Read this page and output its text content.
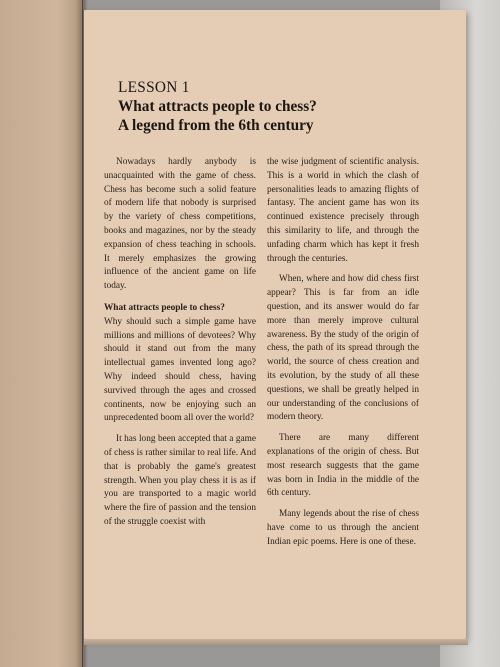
LESSON 1
What attracts people to chess?
A legend from the 6th century

Nowadays hardly anybody is unacquainted with the game of chess. Chess has become such a solid feature of modern life that nobody is surprised by the variety of chess competitions, books and magazines, nor by the steady expansion of chess teaching in schools. It merely emphasizes the growing influence of the ancient game on life today.

What attracts people to chess?

Why should such a simple game have millions and millions of devotees? Why should it stand out from the many intellectual games invented long ago? Why indeed should chess, having survived through the ages and crossed continents, now be enjoying such an unprecedented boom all over the world?

It has long been accepted that a game of chess is rather similar to real life. And that is probably the game's greatest strength. When you play chess it is as if you are transported to a magic world where the fire of passion and the tension of the struggle coexist with

the wise judgment of scientific analysis. This is a world in which the clash of personalities leads to amazing flights of fantasy. The ancient game has won its continued existence precisely through this similarity to life, and through the unfading charm which has kept it fresh through the centuries.

When, where and how did chess first appear? This is far from an idle question, and its answer would do far more than merely improve cultural awareness. By the study of the origin of chess, the path of its spread through the world, the source of chess creation and its evolution, by the study of all these questions, we shall be greatly helped in our understanding of the conclusions of modern theory.

There are many different explanations of the origin of chess. But most research suggests that the game was born in India in the middle of the 6th century.

Many legends about the rise of chess have come to us through the ancient Indian epic poems. Here is one of these.
